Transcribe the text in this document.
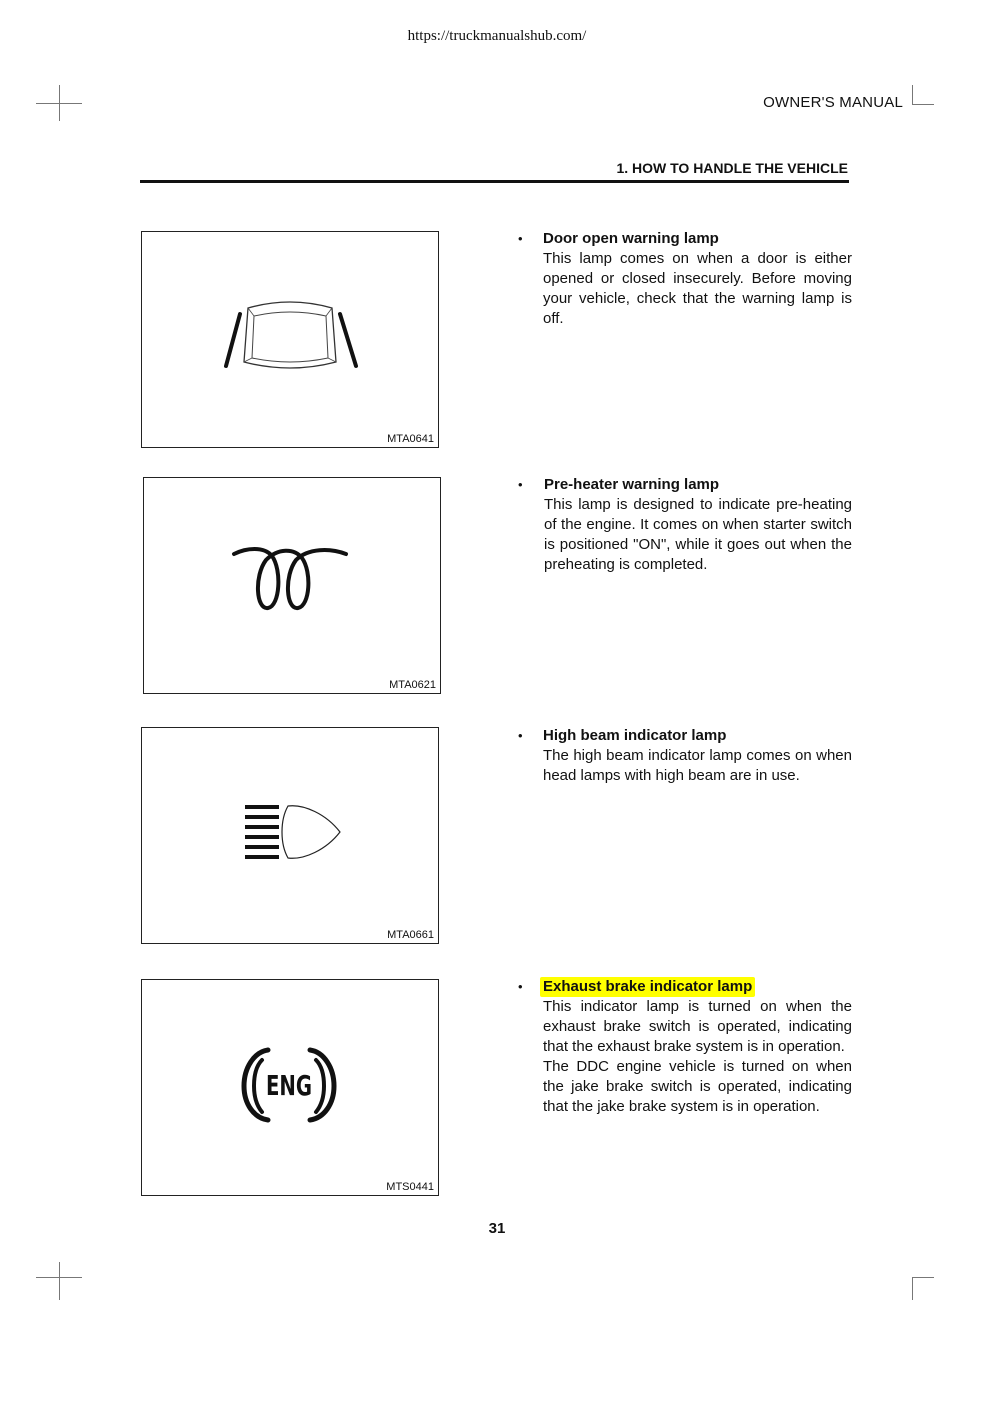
https://truckmanualshub.com/
OWNER'S MANUAL
1. HOW TO HANDLE THE VEHICLE
MTA0641
• Door open warning lamp

This lamp comes on when a door is either opened or closed insecurely. Before moving your vehicle, check that the warning lamp is off.

MTA0621
• Pre-heater warning lamp

This lamp is designed to indicate pre-heating of the engine. It comes on when starter switch is positioned "ON", while it goes out when the preheating is completed.

MTA0661
• High beam indicator lamp

The high beam indicator lamp comes on when head lamps with high beam are in use.

ENG
MTS0441
• Exhaust brake indicator lamp

This indicator lamp is turned on when the exhaust brake switch is operated, indicating that the exhaust brake system is in operation.

The DDC engine vehicle is turned on when the jake brake switch is operated, indicating that the jake brake system is in operation.

31
